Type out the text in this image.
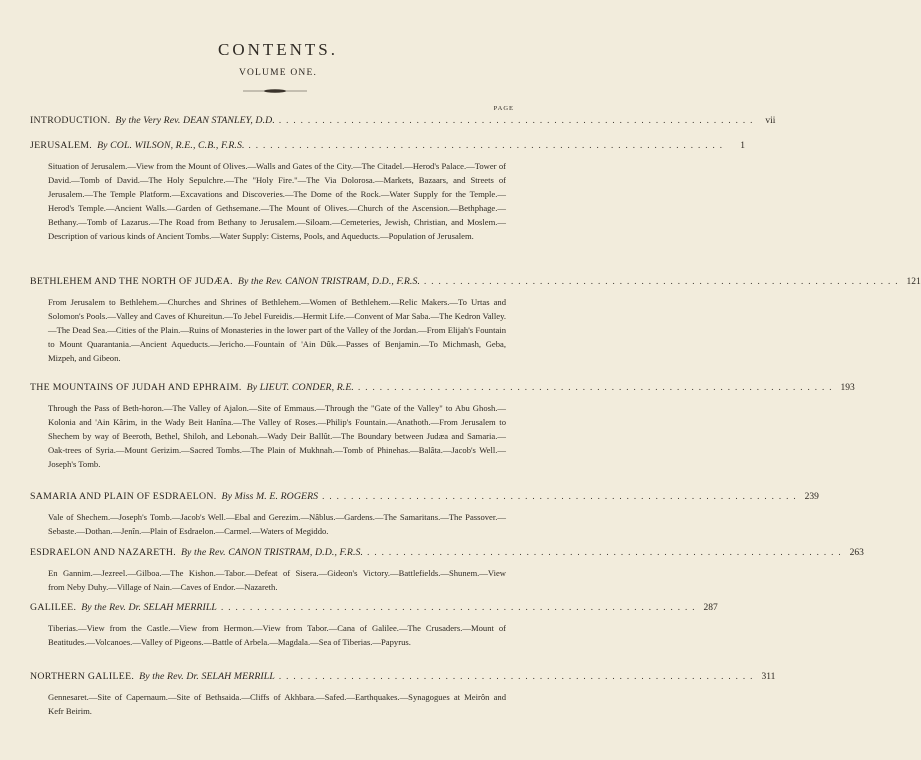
CONTENTS.
VOLUME ONE.
PAGE
INTRODUCTION. By the Very Rev. DEAN STANLEY, D.D. .................................................................. vii
JERUSALEM. By COL. WILSON, R.E., C.B., F.R.S. ..................................................................	1
Situation of Jerusalem.—View from the Mount of Olives.—Walls and Gates of the City.—The Citadel.—Herod's Palace.—Tower of David.—Tomb of David.—The Holy Sepulchre.—The "Holy Fire."—The Via Dolorosa.—Markets, Bazaars, and Streets of Jerusalem.—The Temple Platform.—Excavations and Discoveries.—The Dome of the Rock.—Water Supply for the Temple.—Herod's Temple.—Ancient Walls.—Garden of Gethsemane.—The Mount of Olives.—Church of the Ascension.—Bethphage.—Bethany.—Tomb of Lazarus.—The Road from Bethany to Jerusalem.—Siloam.—Cemeteries, Jewish, Christian, and Moslem.—Description of various kinds of Ancient Tombs.—Water Supply: Cisterns, Pools, and Aqueducts.—Population of Jerusalem.
BETHLEHEM AND THE NORTH OF JUDÆA. By the Rev. CANON TRISTRAM, D.D., F.R.S. .................................................................. 121
From Jerusalem to Bethlehem.—Churches and Shrines of Bethlehem.—Women of Bethlehem.—Relic Makers.—To Urtas and Solomon's Pools.—Valley and Caves of Khureitun.—To Jebel Fureidis.—Hermit Life.—Convent of Mar Saba.—The Kedron Valley.—The Dead Sea.—Cities of the Plain.—Ruins of Monasteries in the lower part of the Valley of the Jordan.—From Elijah's Fountain to Mount Quarantania.—Ancient Aqueducts.—Jericho.—Fountain of 'Ain Dûk.—Passes of Benjamin.—To Michmash, Geba, Mizpeh, and Gibeon.
THE MOUNTAINS OF JUDAH AND EPHRAIM. By LIEUT. CONDER, R.E. .................................................................. 193
Through the Pass of Beth-horon.—The Valley of Ajalon.—Site of Emmaus.—Through the "Gate of the Valley" to Abu Ghosh.—Kolonia and 'Ain Kârim, in the Wady Beit Hanîna.—The Valley of Roses.—Philip's Fountain.—Anathoth.—From Jerusalem to Shechem by way of Beeroth, Bethel, Shiloh, and Lebonah.—Wady Deir Ballût.—The Boundary between Judæa and Samaria.—Oak-trees of Syria.—Mount Gerizim.—Sacred Tombs.—The Plain of Mukhnah.—Tomb of Phinehas.—Balâta.—Jacob's Well.—Joseph's Tomb.
SAMARIA AND PLAIN OF ESDRAELON. By Miss M. E. ROGERS .................................................................. 239
Vale of Shechem.—Joseph's Tomb.—Jacob's Well.—Ebal and Gerezim.—Nâblus.—Gardens.—The Samaritans.—The Passover.—Sebaste.—Dothan.—Jenîn.—Plain of Esdraelon.—Carmel.—Waters of Megiddo.
ESDRAELON AND NAZARETH. By the Rev. CANON TRISTRAM, D.D., F.R.S. .................................................................. 263
En Gannim.—Jezreel.—Gilboa.—The Kishon.—Tabor.—Defeat of Sisera.—Gideon's Victory.—Battlefields.—Shunem.—View from Neby Duhy.—Village of Nain.—Caves of Endor.—Nazareth.
GALILEE. By the Rev. Dr. SELAH MERRILL .................................................................. 287
Tiberias.—View from the Castle.—View from Hermon.—View from Tabor.—Cana of Galilee.—The Crusaders.—Mount of Beatitudes.—Volcanoes.—Valley of Pigeons.—Battle of Arbela.—Magdala.—Sea of Tiberias.—Papyrus.
NORTHERN GALILEE. By the Rev. Dr. SELAH MERRILL .................................................................. 311
Gennesaret.—Site of Capernaum.—Site of Bethsaida.—Cliffs of Akhbara.—Safed.—Earthquakes.—Synagogues at Meirôn and Kefr Beirim.
